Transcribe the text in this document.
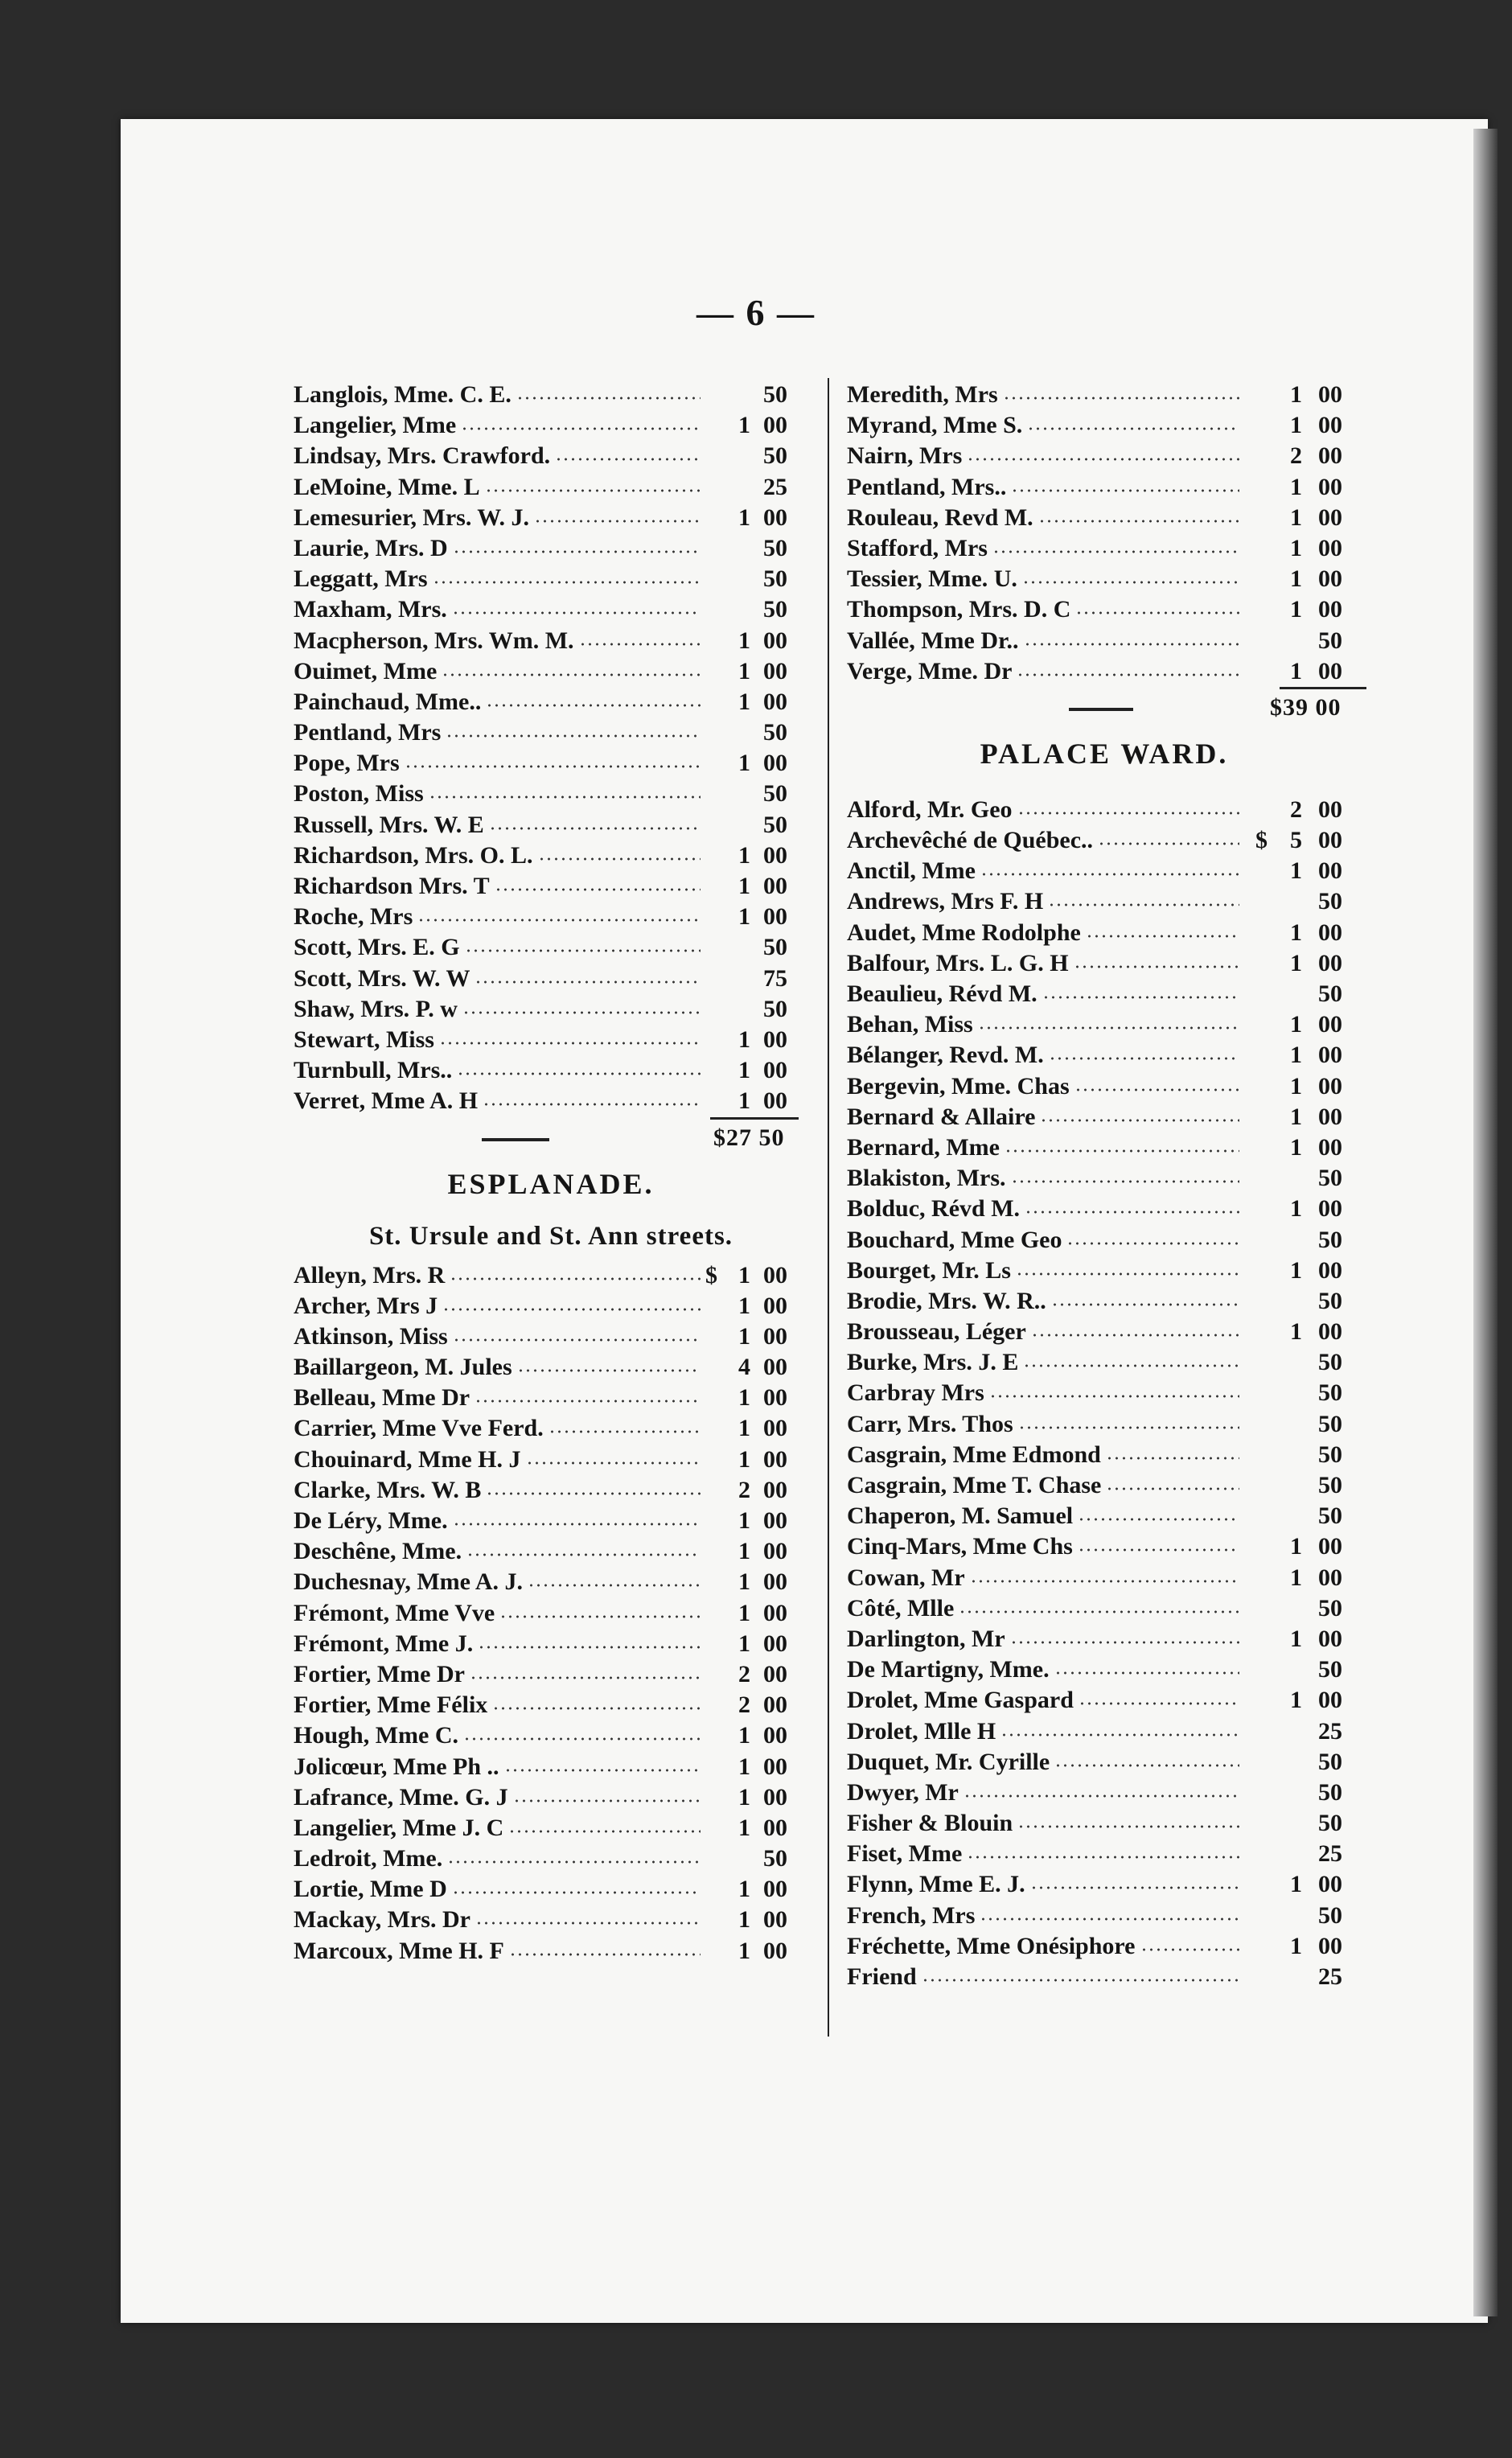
— 6 —
Langlois, Mme. C. E.	50
Langelier, Mme	1 00
Lindsay, Mrs. Crawford.	50
LeMoine, Mme. L	25
Lemesurier, Mrs. W. J.	1 00
Laurie, Mrs. D	50
Leggatt, Mrs	50
Maxham, Mrs.	50
Macpherson, Mrs. Wm. M.	1 00
Ouimet, Mme	1 00
Painchaud, Mme..	1 00
Pentland, Mrs	50
Pope, Mrs	1 00
Poston, Miss	50
Russell, Mrs. W. E	50
Richardson, Mrs. O. L.	1 00
Richardson Mrs. T	1 00
Roche, Mrs	1 00
Scott, Mrs. E. G	50
Scott, Mrs. W. W	75
Shaw, Mrs. P. w	50
Stewart, Miss	1 00
Turnbull, Mrs..	1 00
Verret, Mme A. H	1 00
$27 50
ESPLANADE.
St. Ursule and St. Ann streets.
Alleyn, Mrs. R	$ 1 00
Archer, Mrs J	1 00
Atkinson, Miss	1 00
Baillargeon, M. Jules	4 00
Belleau, Mme Dr	1 00
Carrier, Mme Vve Ferd.	1 00
Chouinard, Mme H. J	1 00
Clarke, Mrs. W. B	2 00
De Léry, Mme.	1 00
Deschêne, Mme.	1 00
Duchesnay, Mme A. J.	1 00
Frémont, Mme Vve	1 00
Frémont, Mme J.	1 00
Fortier, Mme Dr	2 00
Fortier, Mme Félix	2 00
Hough, Mme C.	1 00
Jolicœur, Mme Ph ..	1 00
Lafrance, Mme. G. J	1 00
Langelier, Mme J. C	1 00
Ledroit, Mme.	50
Lortie, Mme D	1 00
Mackay, Mrs. Dr	1 00
Marcoux, Mme H. F	1 00
Meredith, Mrs	1 00
Myrand, Mme S.	1 00
Nairn, Mrs	2 00
Pentland, Mrs..	1 00
Rouleau, Revd M.	1 00
Stafford, Mrs	1 00
Tessier, Mme. U.	1 00
Thompson, Mrs. D. C	1 00
Vallée, Mme Dr..	50
Verge, Mme. Dr	1 00
$39 00
PALACE WARD.
Alford, Mr. Geo	2 00
Archevêché de Québec..	$ 5 00
Anctil, Mme	1 00
Andrews, Mrs F. H	50
Audet, Mme Rodolphe	1 00
Balfour, Mrs. L. G. H	1 00
Beaulieu, Révd M.	50
Behan, Miss	1 00
Bélanger, Revd. M.	1 00
Bergevin, Mme. Chas	1 00
Bernard & Allaire	1 00
Bernard, Mme	1 00
Blakiston, Mrs.	50
Bolduc, Révd M.	1 00
Bouchard, Mme Geo	50
Bourget, Mr. Ls	1 00
Brodie, Mrs. W. R..	50
Brousseau, Léger	1 00
Burke, Mrs. J. E	50
Carbray Mrs	50
Carr, Mrs. Thos	50
Casgrain, Mme Edmond	50
Casgrain, Mme T. Chase	50
Chaperon, M. Samuel	50
Cinq-Mars, Mme Chs	1 00
Cowan, Mr	1 00
Côté, Mlle	50
Darlington, Mr	1 00
De Martigny, Mme.	50
Drolet, Mme Gaspard	1 00
Drolet, Mlle H	25
Duquet, Mr. Cyrille	50
Dwyer, Mr	50
Fisher & Blouin	50
Fiset, Mme	25
Flynn, Mme E. J.	1 00
French, Mrs	50
Fréchette, Mme Onésiphore	1 00
Friend	25
